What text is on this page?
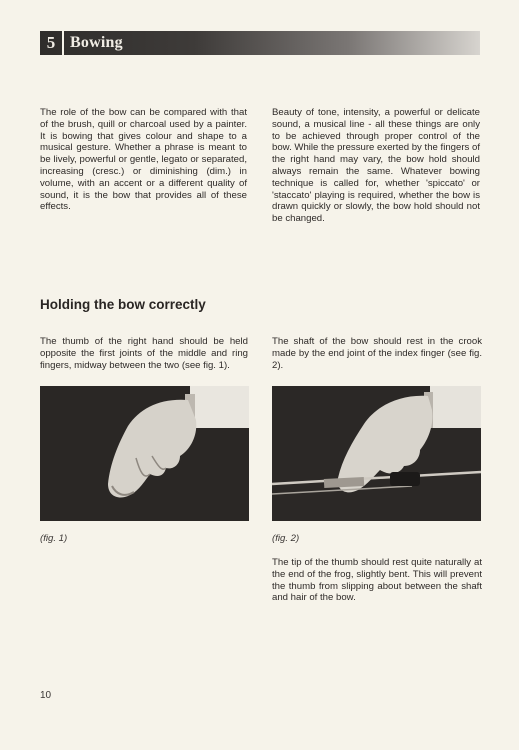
5 Bowing

The role of the bow can be compared with that of the brush, quill or charcoal used by a painter. It is bowing that gives colour and shape to a musical gesture. Whether a phrase is meant to be lively, powerful or gentle, legato or separated, increasing (cresc.) or diminishing (dim.) in volume, with an accent or a different quality of sound, it is the bow that provides all of these effects.

Beauty of tone, intensity, a powerful or delicate sound, a musical line - all these things are only to be achieved through proper control of the bow. While the pressure exerted by the fingers of the right hand may vary, the bow hold should always remain the same. Whatever bowing technique is called for, whether 'spiccato' or 'staccato' playing is required, whether the bow is drawn quickly or slowly, the bow hold should not be changed.

Holding the bow correctly

The thumb of the right hand should be held opposite the first joints of the middle and ring fingers, midway between the two (see fig. 1).

The shaft of the bow should rest in the crook made by the end joint of the index finger (see fig. 2).

(fig. 1)	(fig. 2)

The tip of the thumb should rest quite naturally at the end of the frog, slightly bent. This will prevent the thumb from slipping about between the shaft and hair of the bow.

10
